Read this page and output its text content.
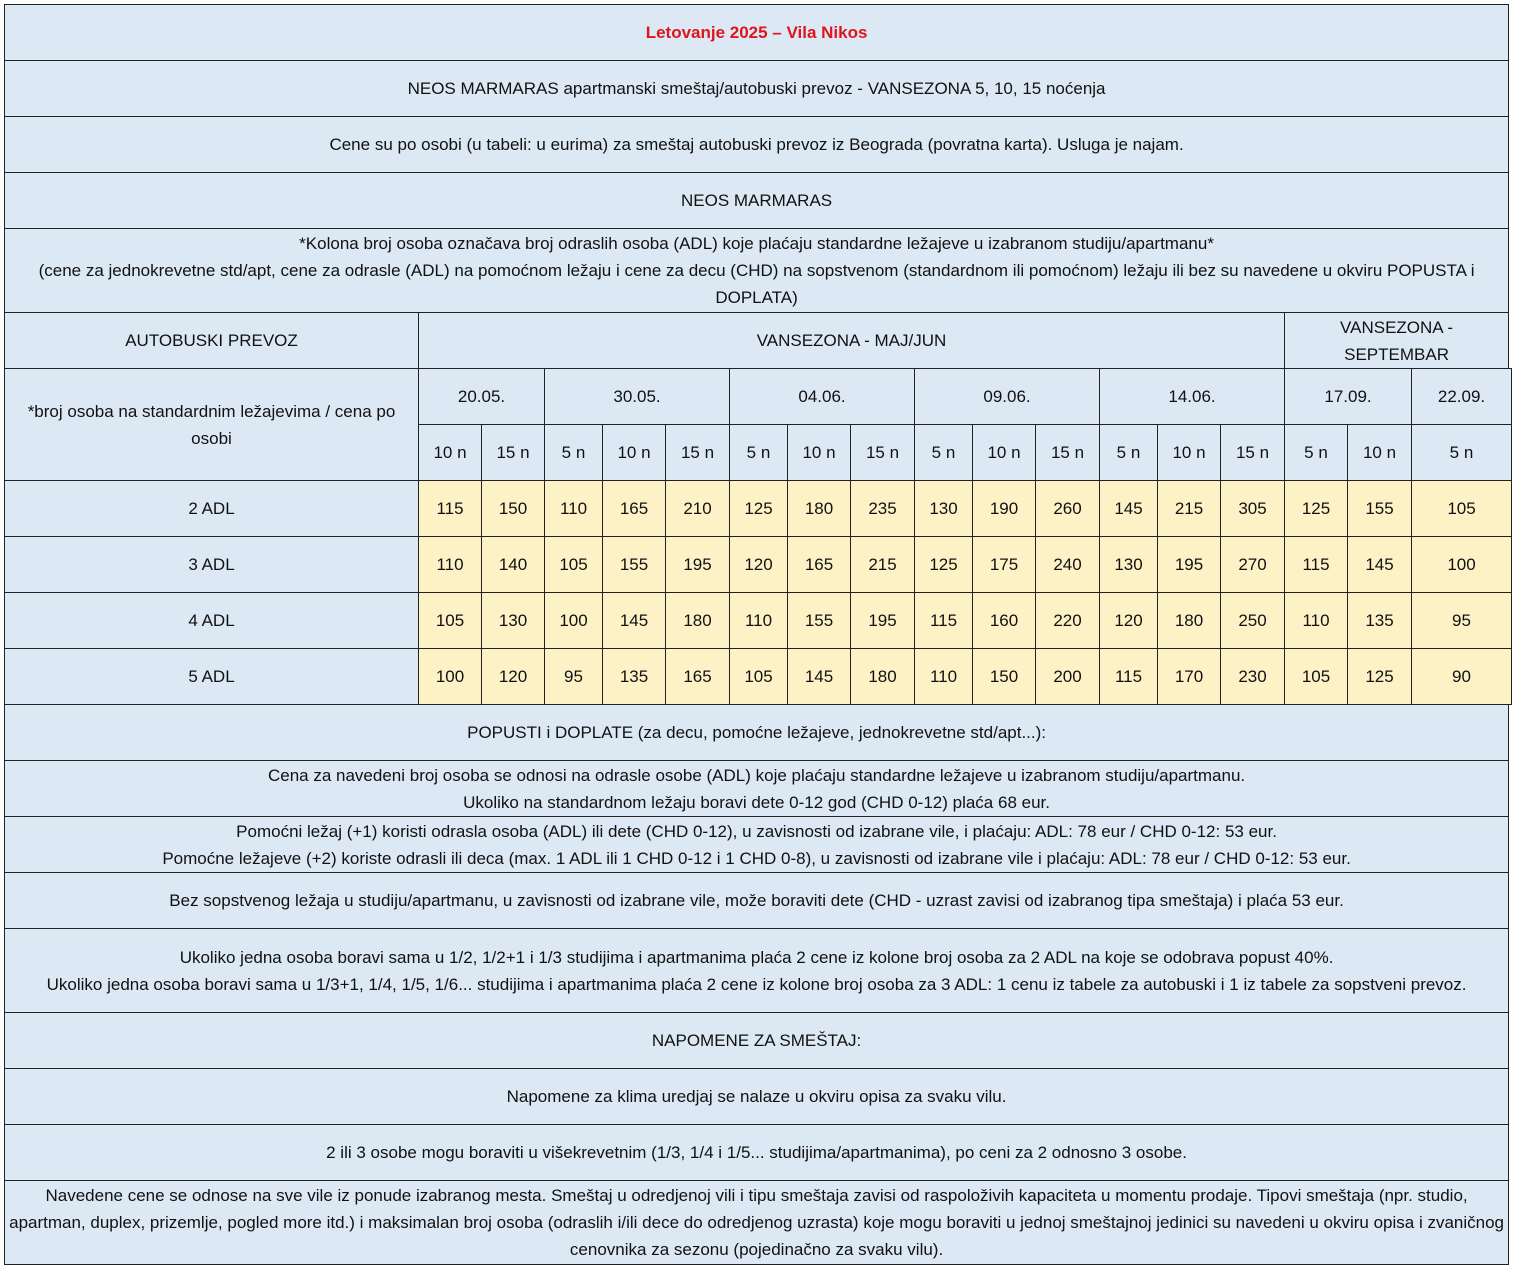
Letovanje 2025 – Vila Nikos																	
NEOS MARMARAS apartmanski smeštaj/autobuski prevoz - VANSEZONA 5, 10, 15 noćenja																	
Cene su po osobi (u tabeli: u eurima) za smeštaj autobuski prevoz iz Beograda (povratna karta). Usluga je najam.																	
NEOS MARMARAS																	

*Kolona broj osoba označava broj odraslih osoba (ADL) koje plaćaju standardne ležajeve u izabranom studiju/apartmanu*
(cene za jednokrevetne std/apt, cene za odrasle (ADL) na pomoćnom ležaju i cene za decu (CHD) na sopstvenom (standardnom ili pomoćnom) ležaju ili bez su navedene u okviru POPUSTA i DOPLATA)																	

AUTOBUSKI PREVOZ	VANSEZONA - MAJ/JUN														VANSEZONA - SEPTEMBAR		
*broj osoba na standardnim ležajevima / cena po osobi	20.05.		30.05.			04.06.			09.06.			14.06.			17.09.		22.09.
	10 n	15 n	5 n	10 n	15 n	5 n	10 n	15 n	5 n	10 n	15 n	5 n	10 n	15 n	5 n	10 n	5 n
2 ADL	115	150	110	165	210	125	180	235	130	190	260	145	215	305	125	155	105
3 ADL	110	140	105	155	195	120	165	215	125	175	240	130	195	270	115	145	100
4 ADL	105	130	100	145	180	110	155	195	115	160	220	120	180	250	110	135	95
5 ADL	100	120	95	135	165	105	145	180	110	150	200	115	170	230	105	125	90
POPUSTI i DOPLATE (za decu, pomoćne ležajeve, jednokrevetne std/apt...):																	

Cena za navedeni broj osoba se odnosi na odrasle osobe (ADL) koje plaćaju standardne ležajeve u izabranom studiju/apartmanu.
Ukoliko na standardnom ležaju boravi dete 0-12 god (CHD 0-12) plaća 68 eur.																	

Pomoćni ležaj (+1) koristi odrasla osoba (ADL) ili dete (CHD 0-12), u zavisnosti od izabrane vile, i plaćaju: ADL: 78 eur / CHD 0-12: 53 eur.
Pomoćne ležajeve (+2) koriste odrasli ili deca (max. 1 ADL ili 1 CHD 0-12 i 1 CHD 0-8), u zavisnosti od izabrane vile i plaćaju: ADL: 78 eur / CHD 0-12: 53 eur.																	

Bez sopstvenog ležaja u studiju/apartmanu, u zavisnosti od izabrane vile, može boraviti dete (CHD - uzrast zavisi od izabranog tipa smeštaja) i plaća 53 eur.																	

Ukoliko jedna osoba boravi sama u 1/2, 1/2+1 i 1/3 studijima i apartmanima plaća 2 cene iz kolone broj osoba za 2 ADL na koje se odobrava popust 40%.
Ukoliko jedna osoba boravi sama u 1/3+1, 1/4, 1/5, 1/6... studijima i apartmanima plaća 2 cene iz kolone broj osoba za 3 ADL: 1 cenu iz tabele za autobuski i 1 iz tabele za sopstveni prevoz.																	

NAPOMENE ZA SMEŠTAJ:																	
Napomene za klima uredjaj se nalaze u okviru opisa za svaku vilu.																	
2 ili 3 osobe mogu boraviti u višekrevetnim (1/3, 1/4 i 1/5... studijima/apartmanima), po ceni za 2 odnosno 3 osobe.																	
Navedene cene se odnose na sve vile iz ponude izabranog mesta. Smeštaj u odredjenoj vili i tipu smeštaja zavisi od raspoloživih kapaciteta u momentu prodaje. Tipovi smeštaja (npr. studio, apartman, duplex, prizemlje, pogled more itd.) i maksimalan broj osoba (odraslih i/ili dece do odredjenog uzrasta) koje mogu boraviti u jednoj smeštajnoj jedinici su navedeni u okviru opisa i zvaničnog cenovnika za sezonu (pojedinačno za svaku vilu).																	
